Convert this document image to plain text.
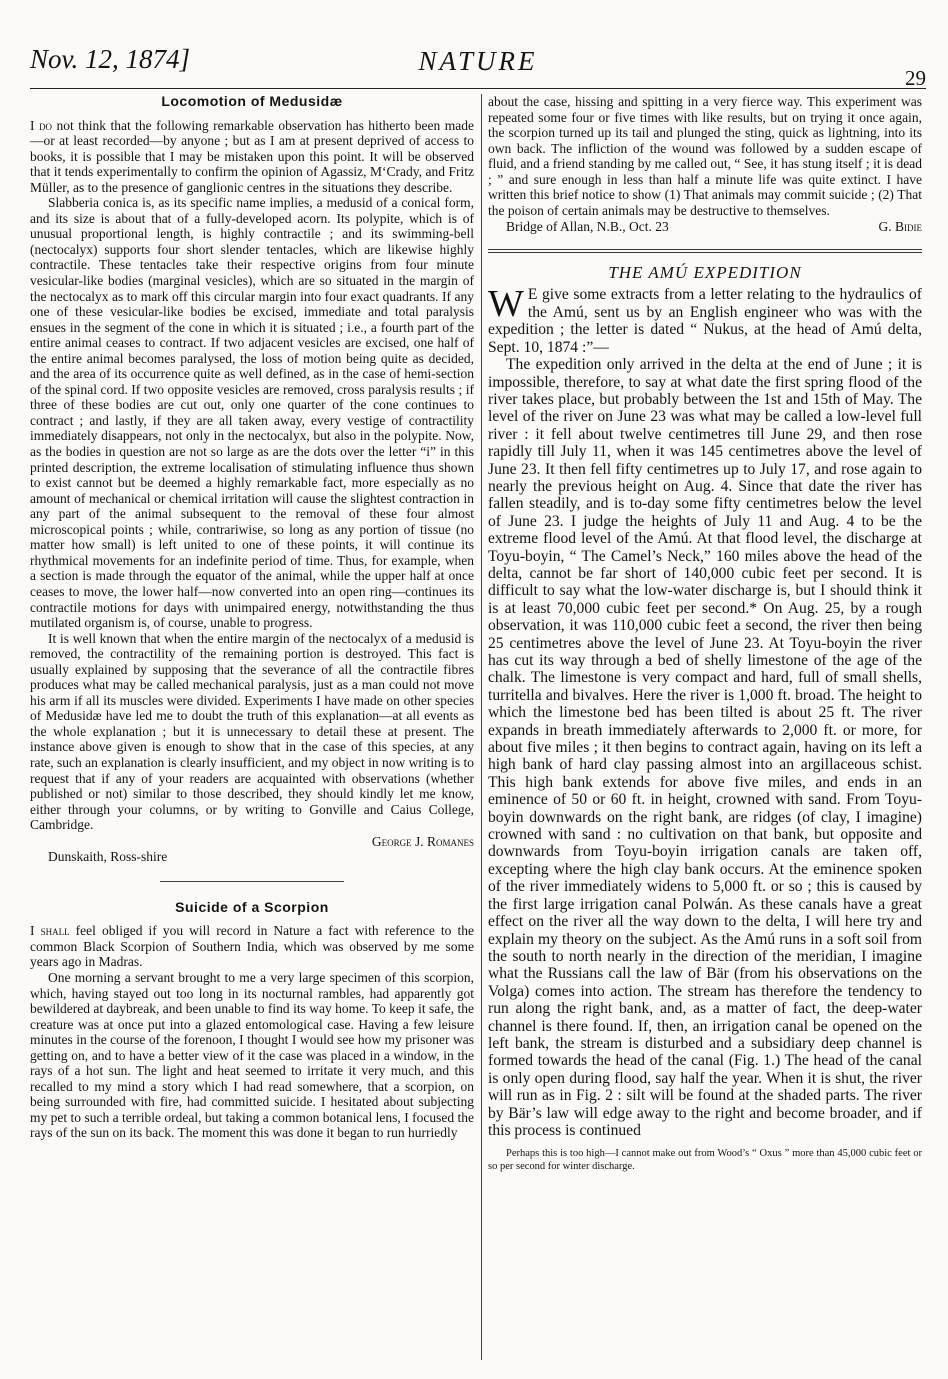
Nov. 12, 1874]	NATURE
29
Locomotion of Medusidæ

I do not think that the following remarkable observation has hitherto been made—or at least recorded—by anyone ; but as I am at present deprived of access to books, it is possible that I may be mistaken upon this point. It will be observed that it tends experimentally to confirm the opinion of Agassiz, M‘Crady, and Fritz Müller, as to the presence of ganglionic centres in the situations they describe.

Slabberia conica is, as its specific name implies, a medusid of a conical form, and its size is about that of a fully-developed acorn. Its polypite, which is of unusual proportional length, is highly contractile ; and its swimming-bell (nectocalyx) supports four short slender tentacles, which are likewise highly contractile. These tentacles take their respective origins from four minute vesicular-like bodies (marginal vesicles), which are so situated in the margin of the nectocalyx as to mark off this circular margin into four exact quadrants. If any one of these vesicular-like bodies be excised, immediate and total paralysis ensues in the segment of the cone in which it is situated ; i.e., a fourth part of the entire animal ceases to contract. If two adjacent vesicles are excised, one half of the entire animal becomes paralysed, the loss of motion being quite as decided, and the area of its occurrence quite as well defined, as in the case of hemi-section of the spinal cord. If two opposite vesicles are removed, cross paralysis results ; if three of these bodies are cut out, only one quarter of the cone continues to contract ; and lastly, if they are all taken away, every vestige of contractility immediately disappears, not only in the nectocalyx, but also in the polypite. Now, as the bodies in question are not so large as are the dots over the letter “i” in this printed description, the extreme localisation of stimulating influence thus shown to exist cannot but be deemed a highly remarkable fact, more especially as no amount of mechanical or chemical irritation will cause the slightest contraction in any part of the animal subsequent to the removal of these four almost microscopical points ; while, contrariwise, so long as any portion of tissue (no matter how small) is left united to one of these points, it will continue its rhythmical movements for an indefinite period of time. Thus, for example, when a section is made through the equator of the animal, while the upper half at once ceases to move, the lower half—now converted into an open ring—continues its contractile motions for days with unimpaired energy, notwithstanding the thus mutilated organism is, of course, unable to progress.

It is well known that when the entire margin of the nectocalyx of a medusid is removed, the contractility of the remaining portion is destroyed. This fact is usually explained by supposing that the severance of all the contractile fibres produces what may be called mechanical paralysis, just as a man could not move his arm if all its muscles were divided. Experiments I have made on other species of Medusidæ have led me to doubt the truth of this explanation—at all events as the whole explanation ; but it is unnecessary to detail these at present. The instance above given is enough to show that in the case of this species, at any rate, such an explanation is clearly insufficient, and my object in now writing is to request that if any of your readers are acquainted with observations (whether published or not) similar to those described, they should kindly let me know, either through your columns, or by writing to Gonville and Caius College, Cambridge.

George J. Romanes
Dunskaith, Ross-shire
Suicide of a Scorpion

I shall feel obliged if you will record in Nature a fact with reference to the common Black Scorpion of Southern India, which was observed by me some years ago in Madras.

One morning a servant brought to me a very large specimen of this scorpion, which, having stayed out too long in its nocturnal rambles, had apparently got bewildered at daybreak, and been unable to find its way home. To keep it safe, the creature was at once put into a glazed entomological case. Having a few leisure minutes in the course of the forenoon, I thought I would see how my prisoner was getting on, and to have a better view of it the case was placed in a window, in the rays of a hot sun. The light and heat seemed to irritate it very much, and this recalled to my mind a story which I had read somewhere, that a scorpion, on being surrounded with fire, had committed suicide. I hesitated about subjecting my pet to such a terrible ordeal, but taking a common botanical lens, I focused the rays of the sun on its back. The moment this was done it began to run hurriedly

about the case, hissing and spitting in a very fierce way. This experiment was repeated some four or five times with like results, but on trying it once again, the scorpion turned up its tail and plunged the sting, quick as lightning, into its own back. The infliction of the wound was followed by a sudden escape of fluid, and a friend standing by me called out, “ See, it has stung itself ; it is dead ; ” and sure enough in less than half a minute life was quite extinct. I have written this brief notice to show (1) That animals may commit suicide ; (2) That the poison of certain animals may be destructive to themselves.

Bridge of Allan, N.B., Oct. 23	G. Bidie
THE AMÚ EXPEDITION

W E give some extracts from a letter relating to the hydraulics of the Amú, sent us by an English engineer who was with the expedition ; the letter is dated “ Nukus, at the head of Amú delta, Sept. 10, 1874 :”—

The expedition only arrived in the delta at the end of June ; it is impossible, therefore, to say at what date the first spring flood of the river takes place, but probably between the 1st and 15th of May. The level of the river on June 23 was what may be called a low-level full river : it fell about twelve centimetres till June 29, and then rose rapidly till July 11, when it was 145 centimetres above the level of June 23. It then fell fifty centimetres up to July 17, and rose again to nearly the previous height on Aug. 4. Since that date the river has fallen steadily, and is to-day some fifty centimetres below the level of June 23. I judge the heights of July 11 and Aug. 4 to be the extreme flood level of the Amú. At that flood level, the discharge at Toyu-boyin, “ The Camel’s Neck,” 160 miles above the head of the delta, cannot be far short of 140,000 cubic feet per second. It is difficult to say what the low-water discharge is, but I should think it is at least 70,000 cubic feet per second.* On Aug. 25, by a rough observation, it was 110,000 cubic feet a second, the river then being 25 centimetres above the level of June 23. At Toyu-boyin the river has cut its way through a bed of shelly limestone of the age of the chalk. The limestone is very compact and hard, full of small shells, turritella and bivalves. Here the river is 1,000 ft. broad. The height to which the limestone bed has been tilted is about 25 ft. The river expands in breath immediately afterwards to 2,000 ft. or more, for about five miles ; it then begins to contract again, having on its left a high bank of hard clay passing almost into an argillaceous schist. This high bank extends for above five miles, and ends in an eminence of 50 or 60 ft. in height, crowned with sand. From Toyu-boyin downwards on the right bank, are ridges (of clay, I imagine) crowned with sand : no cultivation on that bank, but opposite and downwards from Toyu-boyin irrigation canals are taken off, excepting where the high clay bank occurs. At the eminence spoken of the river immediately widens to 5,000 ft. or so ; this is caused by the first large irrigation canal Polwán. As these canals have a great effect on the river all the way down to the delta, I will here try and explain my theory on the subject. As the Amú runs in a soft soil from the south to north nearly in the direction of the meridian, I imagine what the Russians call the law of Bär (from his observations on the Volga) comes into action. The stream has therefore the tendency to run along the right bank, and, as a matter of fact, the deep-water channel is there found. If, then, an irrigation canal be opened on the left bank, the stream is disturbed and a subsidiary deep channel is formed towards the head of the canal (Fig. 1.) The head of the canal is only open during flood, say half the year. When it is shut, the river will run as in Fig. 2 : silt will be found at the shaded parts. The river by Bär’s law will edge away to the right and become broader, and if this process is continued

Perhaps this is too high—I cannot make out from Wood’s “ Oxus ” more than 45,000 cubic feet or so per second for winter discharge.
